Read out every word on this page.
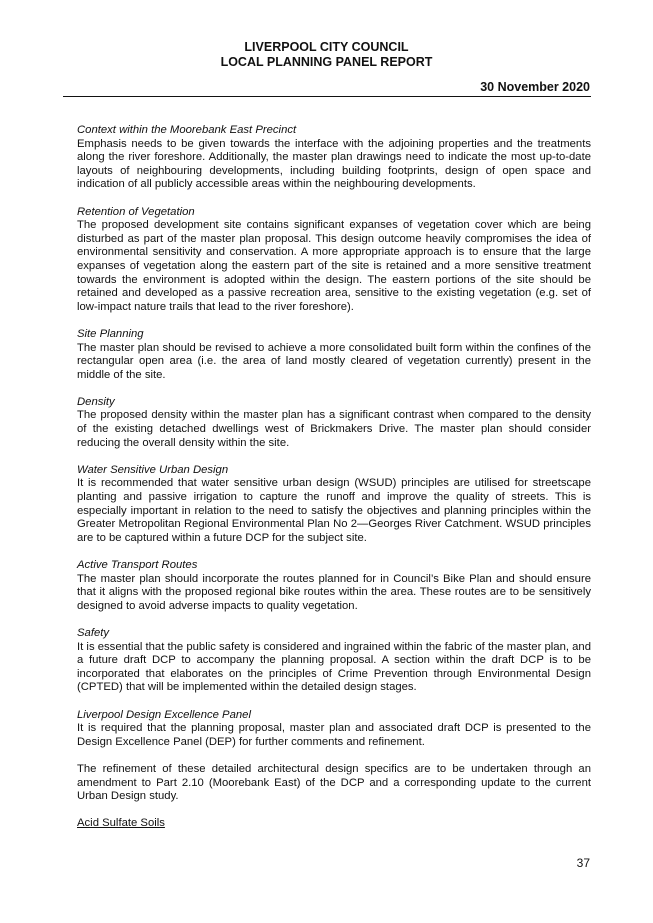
LIVERPOOL CITY COUNCIL
LOCAL PLANNING PANEL REPORT
30 November 2020
Context within the Moorebank East Precinct
Emphasis needs to be given towards the interface with the adjoining properties and the treatments along the river foreshore. Additionally, the master plan drawings need to indicate the most up-to-date layouts of neighbouring developments, including building footprints, design of open space and indication of all publicly accessible areas within the neighbouring developments.
Retention of Vegetation
The proposed development site contains significant expanses of vegetation cover which are being disturbed as part of the master plan proposal. This design outcome heavily compromises the idea of environmental sensitivity and conservation. A more appropriate approach is to ensure that the large expanses of vegetation along the eastern part of the site is retained and a more sensitive treatment towards the environment is adopted within the design. The eastern portions of the site should be retained and developed as a passive recreation area, sensitive to the existing vegetation (e.g. set of low-impact nature trails that lead to the river foreshore).
Site Planning
The master plan should be revised to achieve a more consolidated built form within the confines of the rectangular open area (i.e. the area of land mostly cleared of vegetation currently) present in the middle of the site.
Density
The proposed density within the master plan has a significant contrast when compared to the density of the existing detached dwellings west of Brickmakers Drive. The master plan should consider reducing the overall density within the site.
Water Sensitive Urban Design
It is recommended that water sensitive urban design (WSUD) principles are utilised for streetscape planting and passive irrigation to capture the runoff and improve the quality of streets. This is especially important in relation to the need to satisfy the objectives and planning principles within the Greater Metropolitan Regional Environmental Plan No 2—Georges River Catchment. WSUD principles are to be captured within a future DCP for the subject site.
Active Transport Routes
The master plan should incorporate the routes planned for in Council’s Bike Plan and should ensure that it aligns with the proposed regional bike routes within the area. These routes are to be sensitively designed to avoid adverse impacts to quality vegetation.
Safety
It is essential that the public safety is considered and ingrained within the fabric of the master plan, and a future draft DCP to accompany the planning proposal. A section within the draft DCP is to be incorporated that elaborates on the principles of Crime Prevention through Environmental Design (CPTED) that will be implemented within the detailed design stages.
Liverpool Design Excellence Panel
It is required that the planning proposal, master plan and associated draft DCP is presented to the Design Excellence Panel (DEP) for further comments and refinement.
The refinement of these detailed architectural design specifics are to be undertaken through an amendment to Part 2.10 (Moorebank East) of the DCP and a corresponding update to the current Urban Design study.
Acid Sulfate Soils
37
